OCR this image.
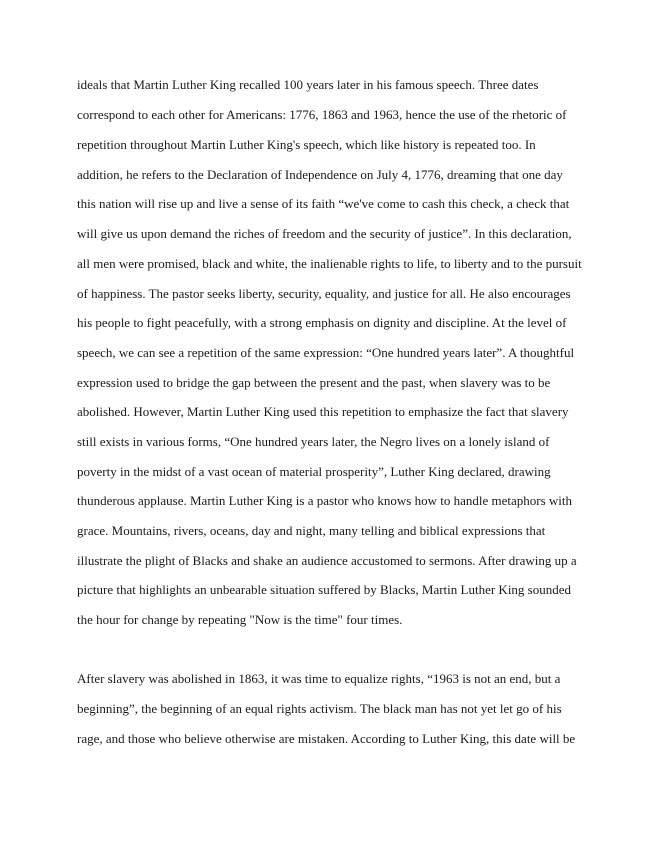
ideals that Martin Luther King recalled 100 years later in his famous speech. Three dates

correspond to each other for Americans: 1776, 1863 and 1963, hence the use of the rhetoric of

repetition throughout Martin Luther King's speech, which like history is repeated too. In

addition, he refers to the Declaration of Independence on July 4, 1776, dreaming that one day

this nation will rise up and live a sense of its faith “we've come to cash this check, a check that

will give us upon demand the riches of freedom and the security of justice”. In this declaration,

all men were promised, black and white, the inalienable rights to life, to liberty and to the pursuit

of happiness. The pastor seeks liberty, security, equality, and justice for all. He also encourages

his people to fight peacefully, with a strong emphasis on dignity and discipline. At the level of

speech, we can see a repetition of the same expression: “One hundred years later”. A thoughtful

expression used to bridge the gap between the present and the past, when slavery was to be

abolished. However, Martin Luther King used this repetition to emphasize the fact that slavery

still exists in various forms, “One hundred years later, the Negro lives on a lonely island of

poverty in the midst of a vast ocean of material prosperity”, Luther King declared, drawing

thunderous applause. Martin Luther King is a pastor who knows how to handle metaphors with

grace. Mountains, rivers, oceans, day and night, many telling and biblical expressions that

illustrate the plight of Blacks and shake an audience accustomed to sermons. After drawing up a

picture that highlights an unbearable situation suffered by Blacks, Martin Luther King sounded

the hour for change by repeating "Now is the time" four times.

After slavery was abolished in 1863, it was time to equalize rights, “1963 is not an end, but a

beginning”, the beginning of an equal rights activism. The black man has not yet let go of his

rage, and those who believe otherwise are mistaken. According to Luther King, this date will be
